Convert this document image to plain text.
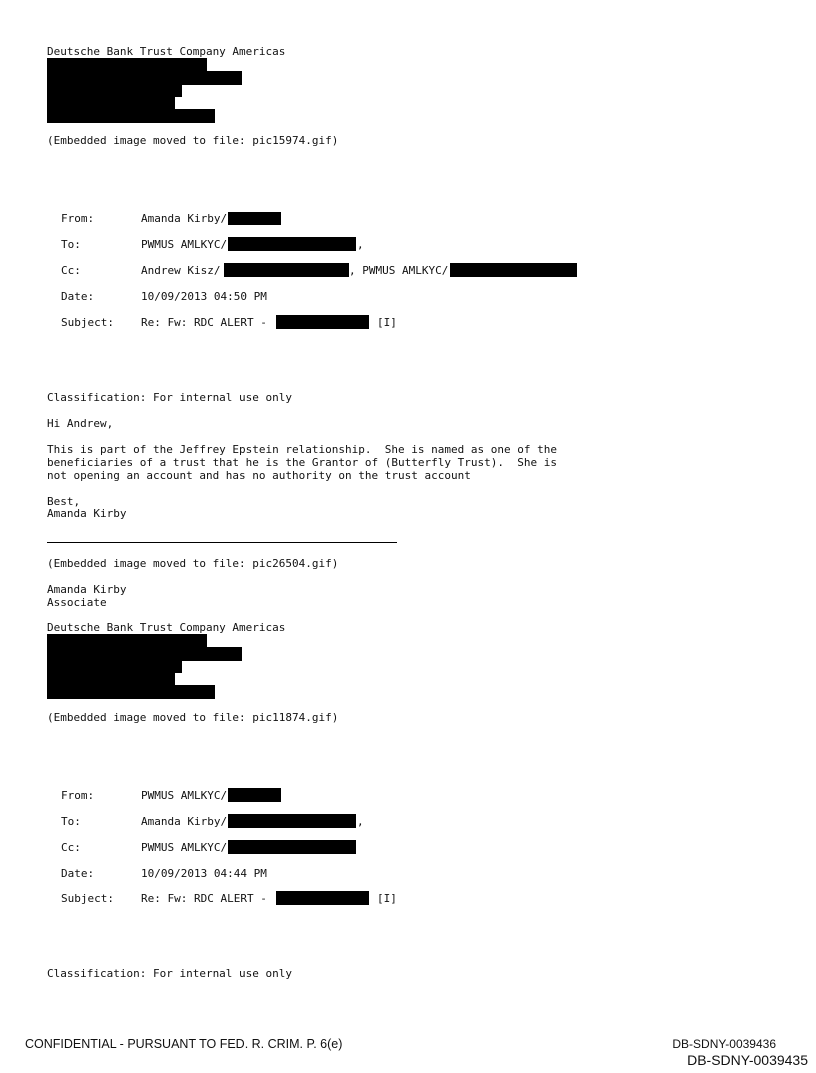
Deutsche Bank Trust Company Americas
(Embedded image moved to file: pic15974.gif)
From:	Amanda Kirby/
To:	PWMUS AMLKYC/	,
Cc:	Andrew Kisz/	, PWMUS AMLKYC/
Date:	10/09/2013 04:50 PM
Subject: Re: Fw: RDC ALERT -	[I]
Classification: For internal use only
Hi Andrew,
This is part of the Jeffrey Epstein relationship.  She is named as one of the
beneficiaries of a trust that he is the Grantor of (Butterfly Trust).  She is
not opening an account and has no authority on the trust account
Best,
Amanda Kirby
(Embedded image moved to file: pic26504.gif)
Amanda Kirby
Associate
Deutsche Bank Trust Company Americas
(Embedded image moved to file: pic11874.gif)
From:	PWMUS AMLKYC/
To:	Amanda Kirby/	,
Cc:	PWMUS AMLKYC/
Date:	10/09/2013 04:44 PM
Subject: Re: Fw: RDC ALERT -	[I]
Classification: For internal use only
CONFIDENTIAL - PURSUANT TO FED. R. CRIM. P. 6(e)	DB-SDNY-0039436
DB-SDNY-0039435
